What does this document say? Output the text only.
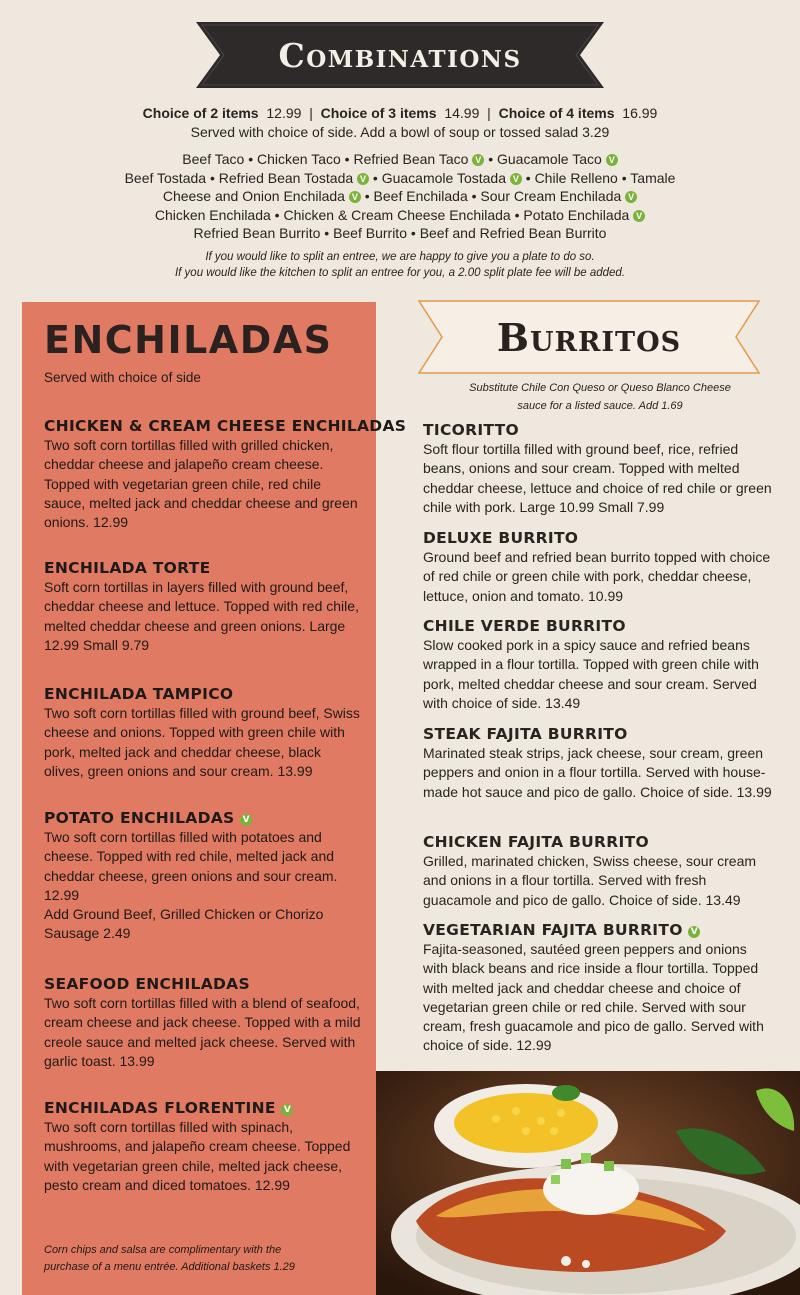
Combinations
Choice of 2 items 12.99  |  Choice of 3 items 14.99  |  Choice of 4 items 16.99
Served with choice of side. Add a bowl of soup or tossed salad 3.29
Beef Taco • Chicken Taco • Refried Bean Taco V • Guacamole Taco V
Beef Tostada • Refried Bean Tostada V • Guacamole Tostada V • Chile Relleno • Tamale
Cheese and Onion Enchilada V • Beef Enchilada • Sour Cream Enchilada V
Chicken Enchilada • Chicken & Cream Cheese Enchilada • Potato Enchilada V
Refried Bean Burrito • Beef Burrito • Beef and Refried Bean Burrito
If you would like to split an entree, we are happy to give you a plate to do so.
If you would like the kitchen to split an entree for you, a 2.00 split plate fee will be added.
ENCHILADAS
Served with choice of side
CHICKEN & CREAM CHEESE ENCHILADAS
Two soft corn tortillas filled with grilled chicken, cheddar cheese and jalapeño cream cheese. Topped with vegetarian green chile, red chile sauce, melted jack and cheddar cheese and green onions. 12.99
ENCHILADA TORTE
Soft corn tortillas in layers filled with ground beef, cheddar cheese and lettuce. Topped with red chile, melted cheddar cheese and green onions. Large 12.99 Small 9.79
ENCHILADA TAMPICO
Two soft corn tortillas filled with ground beef, Swiss cheese and onions. Topped with green chile with pork, melted jack and cheddar cheese, black olives, green onions and sour cream. 13.99
POTATO ENCHILADAS V
Two soft corn tortillas filled with potatoes and cheese. Topped with red chile, melted jack and cheddar cheese, green onions and sour cream. 12.99
Add Ground Beef, Grilled Chicken or Chorizo Sausage 2.49
SEAFOOD ENCHILADAS
Two soft corn tortillas filled with a blend of seafood, cream cheese and jack cheese. Topped with a mild creole sauce and melted jack cheese. Served with garlic toast. 13.99
ENCHILADAS FLORENTINE V
Two soft corn tortillas filled with spinach, mushrooms, and jalapeño cream cheese. Topped with vegetarian green chile, melted jack cheese, pesto cream and diced tomatoes. 12.99
Corn chips and salsa are complimentary with the
purchase of a menu entrée. Additional baskets 1.29
Burritos
Substitute Chile Con Queso or Queso Blanco Cheese
sauce for a listed sauce. Add 1.69
TICORITTO
Soft flour tortilla filled with ground beef, rice, refried beans, onions and sour cream. Topped with melted cheddar cheese, lettuce and choice of red chile or green chile with pork. Large 10.99 Small 7.99
DELUXE BURRITO
Ground beef and refried bean burrito topped with choice of red chile or green chile with pork, cheddar cheese, lettuce, onion and tomato. 10.99
CHILE VERDE BURRITO
Slow cooked pork in a spicy sauce and refried beans wrapped in a flour tortilla. Topped with green chile with pork, melted cheddar cheese and sour cream. Served with choice of side. 13.49
STEAK FAJITA BURRITO
Marinated steak strips, jack cheese, sour cream, green peppers and onion in a flour tortilla. Served with house-made hot sauce and pico de gallo. Choice of side. 13.99
CHICKEN FAJITA BURRITO
Grilled, marinated chicken, Swiss cheese, sour cream and onions in a flour tortilla. Served with fresh guacamole and pico de gallo. Choice of side. 13.49
VEGETARIAN FAJITA BURRITO V
Fajita-seasoned, sautéed green peppers and onions with black beans and rice inside a flour tortilla. Topped with melted jack and cheddar cheese and choice of vegetarian green chile or red chile. Served with sour cream, fresh guacamole and pico de gallo. Served with choice of side. 12.99
